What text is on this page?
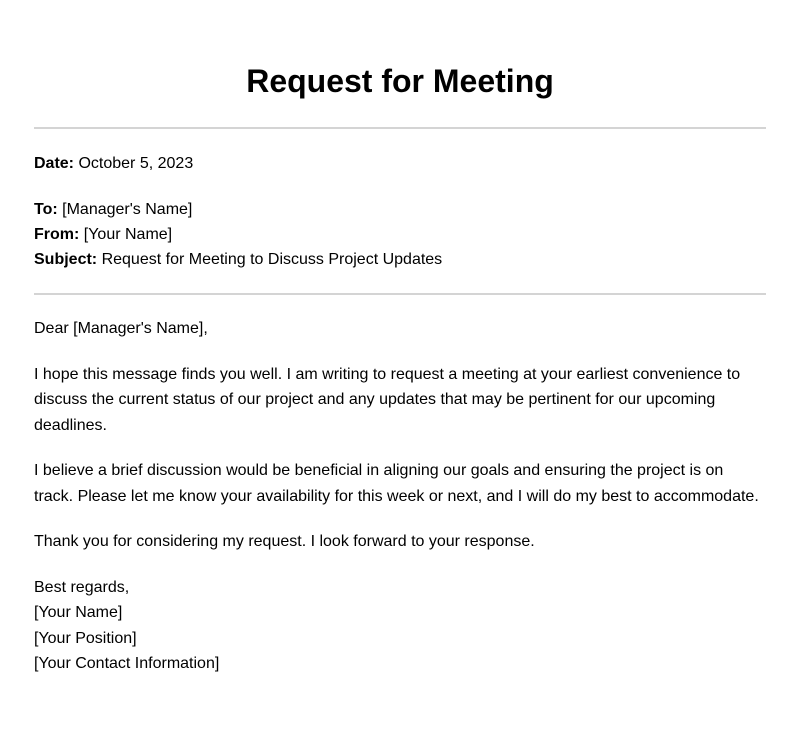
Request for Meeting
Date: October 5, 2023
To: [Manager's Name]
From: [Your Name]
Subject: Request for Meeting to Discuss Project Updates

Dear [Manager's Name],

I hope this message finds you well. I am writing to request a meeting at your earliest convenience to discuss the current status of our project and any updates that may be pertinent for our upcoming deadlines.

I believe a brief discussion would be beneficial in aligning our goals and ensuring the project is on track. Please let me know your availability for this week or next, and I will do my best to accommodate.

Thank you for considering my request. I look forward to your response.

Best regards,
[Your Name]
[Your Position]
[Your Contact Information]
